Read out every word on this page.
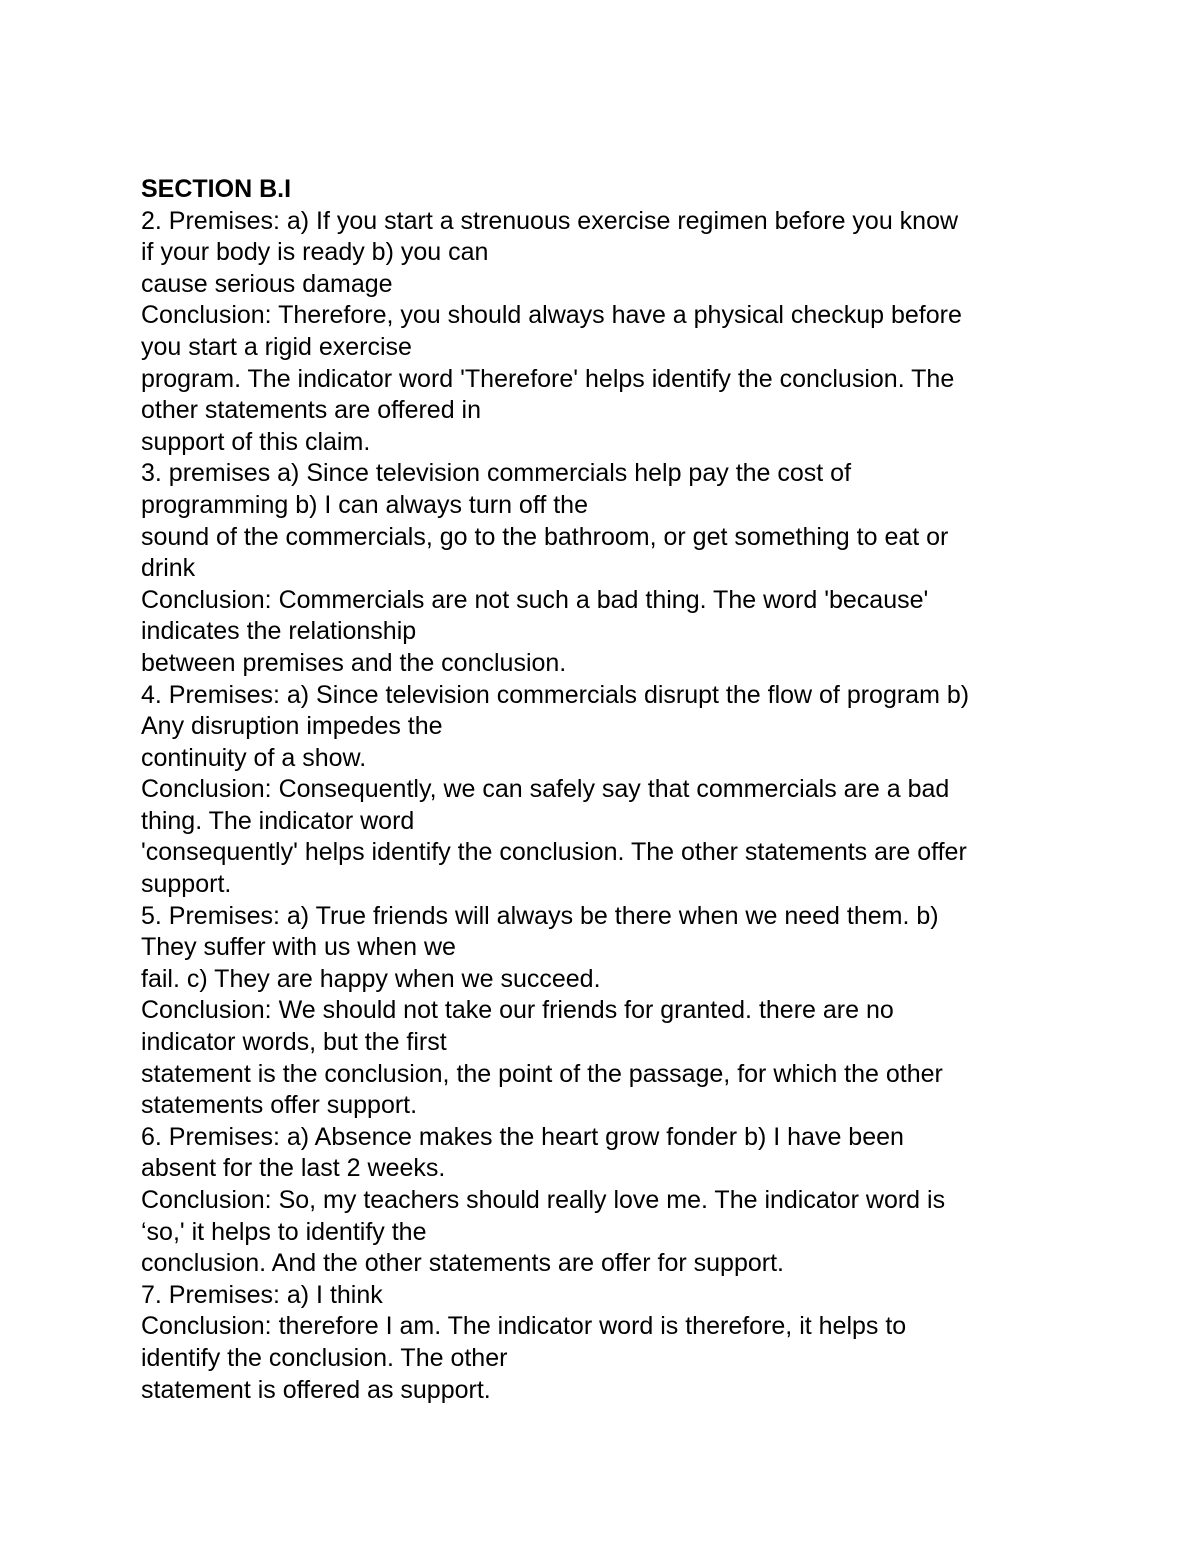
SECTION B.I
2. Premises: a) If you start a strenuous exercise regimen before you know
if your body is ready b) you can
cause serious damage
Conclusion: Therefore, you should always have a physical checkup before
you start a rigid exercise
program. The indicator word 'Therefore' helps identify the conclusion. The
other statements are offered in
support of this claim.
3. premises a) Since television commercials help pay the cost of
programming b) I can always turn off the
sound of the commercials, go to the bathroom, or get something to eat or
drink
Conclusion: Commercials are not such a bad thing. The word 'because'
indicates the relationship
between premises and the conclusion.
4. Premises: a) Since television commercials disrupt the flow of program b)
Any disruption impedes the
continuity of a show.
Conclusion: Consequently, we can safely say that commercials are a bad
thing. The indicator word
'consequently' helps identify the conclusion. The other statements are offer
support.
5. Premises: a) True friends will always be there when we need them. b)
They suffer with us when we
fail. c) They are happy when we succeed.
Conclusion: We should not take our friends for granted. there are no
indicator words, but the first
statement is the conclusion, the point of the passage, for which the other
statements offer support.
6. Premises: a) Absence makes the heart grow fonder b) I have been
absent for the last 2 weeks.
Conclusion: So, my teachers should really love me. The indicator word is
‘so,' it helps to identify the
conclusion. And the other statements are offer for support.
7. Premises: a) I think
Conclusion: therefore I am. The indicator word is therefore, it helps to
identify the conclusion. The other
statement is offered as support.
